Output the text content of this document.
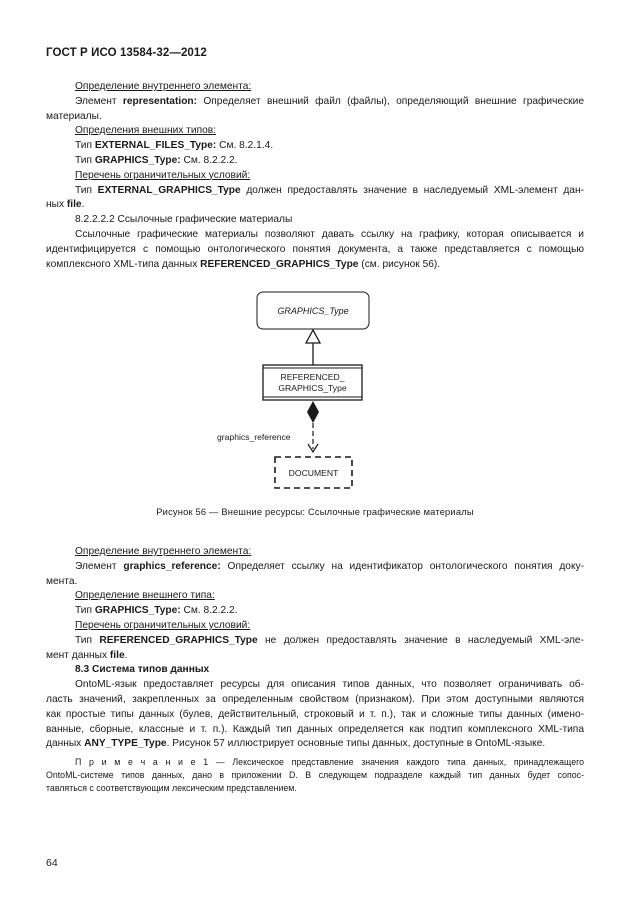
ГОСТ Р ИСО 13584-32—2012
Определение внутреннего элемента:
Элемент representation: Определяет внешний файл (файлы), определяющий внешние графические
материалы.
Определения внешних типов:
Тип EXTERNAL_FILES_Type: См. 8.2.1.4.
Тип GRAPHICS_Type: См. 8.2.2.2.
Перечень ограничительных условий:
Тип EXTERNAL_GRAPHICS_Type должен предоставлять значение в наследуемый XML-элемент дан-
ных file.
8.2.2.2.2 Ссылочные графические материалы
Ссылочные графические материалы позволяют давать ссылку на графику, которая описывается и
идентифицируется с помощью онтологического понятия документа, а также представляется с помощью
комплексного XML-типа данных REFERENCED_GRAPHICS_Type (см. рисунок 56).
GRAPHICS_Type
REFERENCED_
GRAPHICS_Type
graphics_reference
DOCUMENT
Рисунок 56 — Внешние ресурсы: Ссылочные графические материалы
Определение внутреннего элемента:
Элемент graphics_reference: Определяет ссылку на идентификатор онтологического понятия доку-
мента.
Определение внешнего типа:
Тип GRAPHICS_Type: См. 8.2.2.2.
Перечень ограничительных условий:
Тип REFERENCED_GRAPHICS_Type не должен предоставлять значение в наследуемый XML-эле-
мент данных file.
8.3 Система типов данных
OntoML-язык предоставляет ресурсы для описания типов данных, что позволяет ограничивать об-
ласть значений, закрепленных за определенным свойством (признаком). При этом доступными являются
как простые типы данных (булев, действительный, строковый и т. п.), так и сложные типы данных (имено-
ванные, сборные, классные и т. п.). Каждый тип данных определяется как подтип комплексного XML-типа
данных ANY_TYPE_Type. Рисунок 57 иллюстрирует основные типы данных, доступные в OntoML-языке.
П р и м е ч а н и е 1 — Лексическое представление значения каждого типа данных, принадлежащего
OntoML-системе типов данных, дано в приложении D. В следующем подразделе каждый тип данных будет сопос-
тавляться с соответствующим лексическим представлением.
64
